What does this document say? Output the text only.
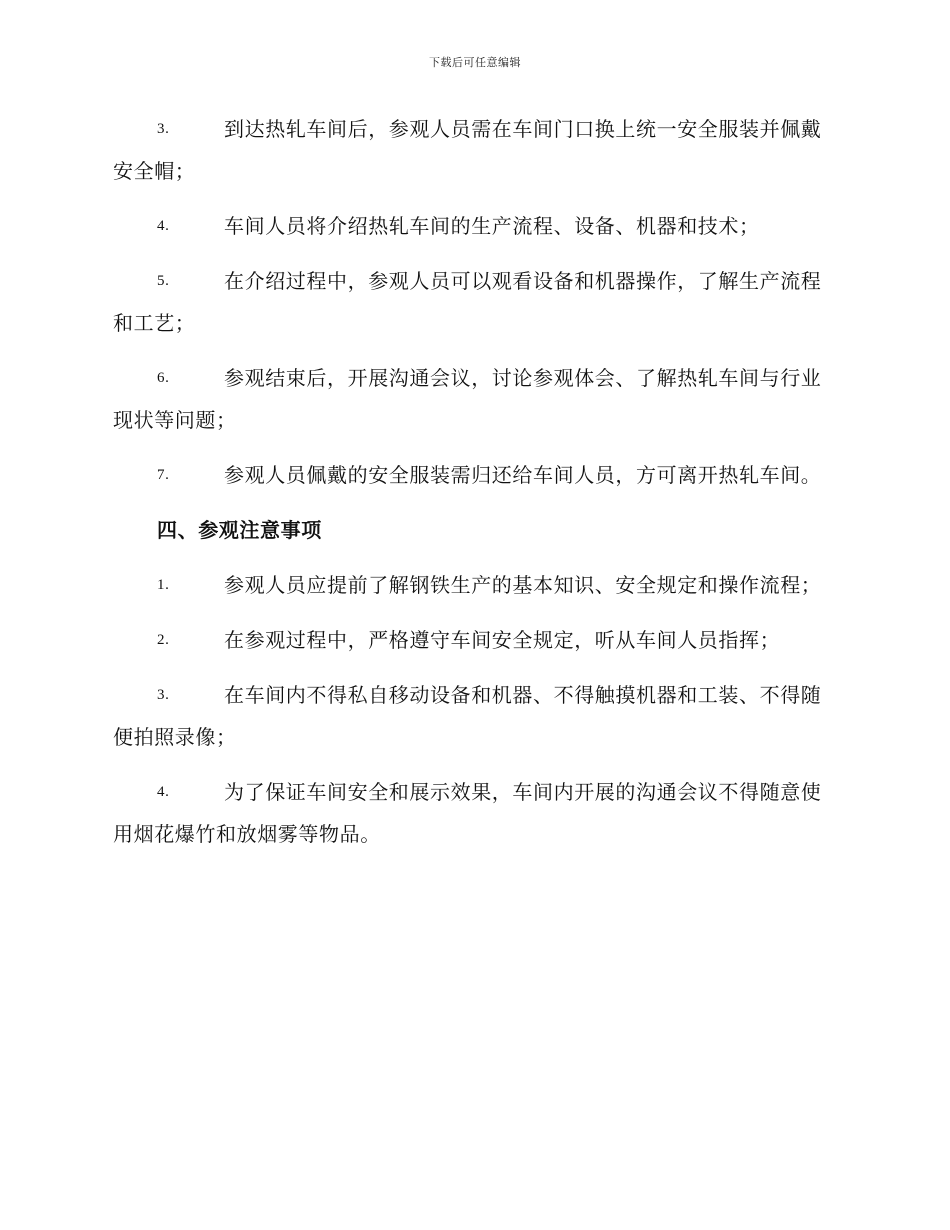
下载后可任意编辑
3.	到达热轧车间后，参观人员需在车间门口换上统一安全服装并佩戴安全帽；
4.	车间人员将介绍热轧车间的生产流程、设备、机器和技术；
5.	在介绍过程中，参观人员可以观看设备和机器操作，了解生产流程和工艺；
6.	参观结束后，开展沟通会议，讨论参观体会、了解热轧车间与行业现状等问题；
7.	参观人员佩戴的安全服装需归还给车间人员，方可离开热轧车间。
四、参观注意事项
1.	参观人员应提前了解钢铁生产的基本知识、安全规定和操作流程；
2.	在参观过程中，严格遵守车间安全规定，听从车间人员指挥；
3.	在车间内不得私自移动设备和机器、不得触摸机器和工装、不得随便拍照录像；
4.	为了保证车间安全和展示效果，车间内开展的沟通会议不得随意使用烟花爆竹和放烟雾等物品。
